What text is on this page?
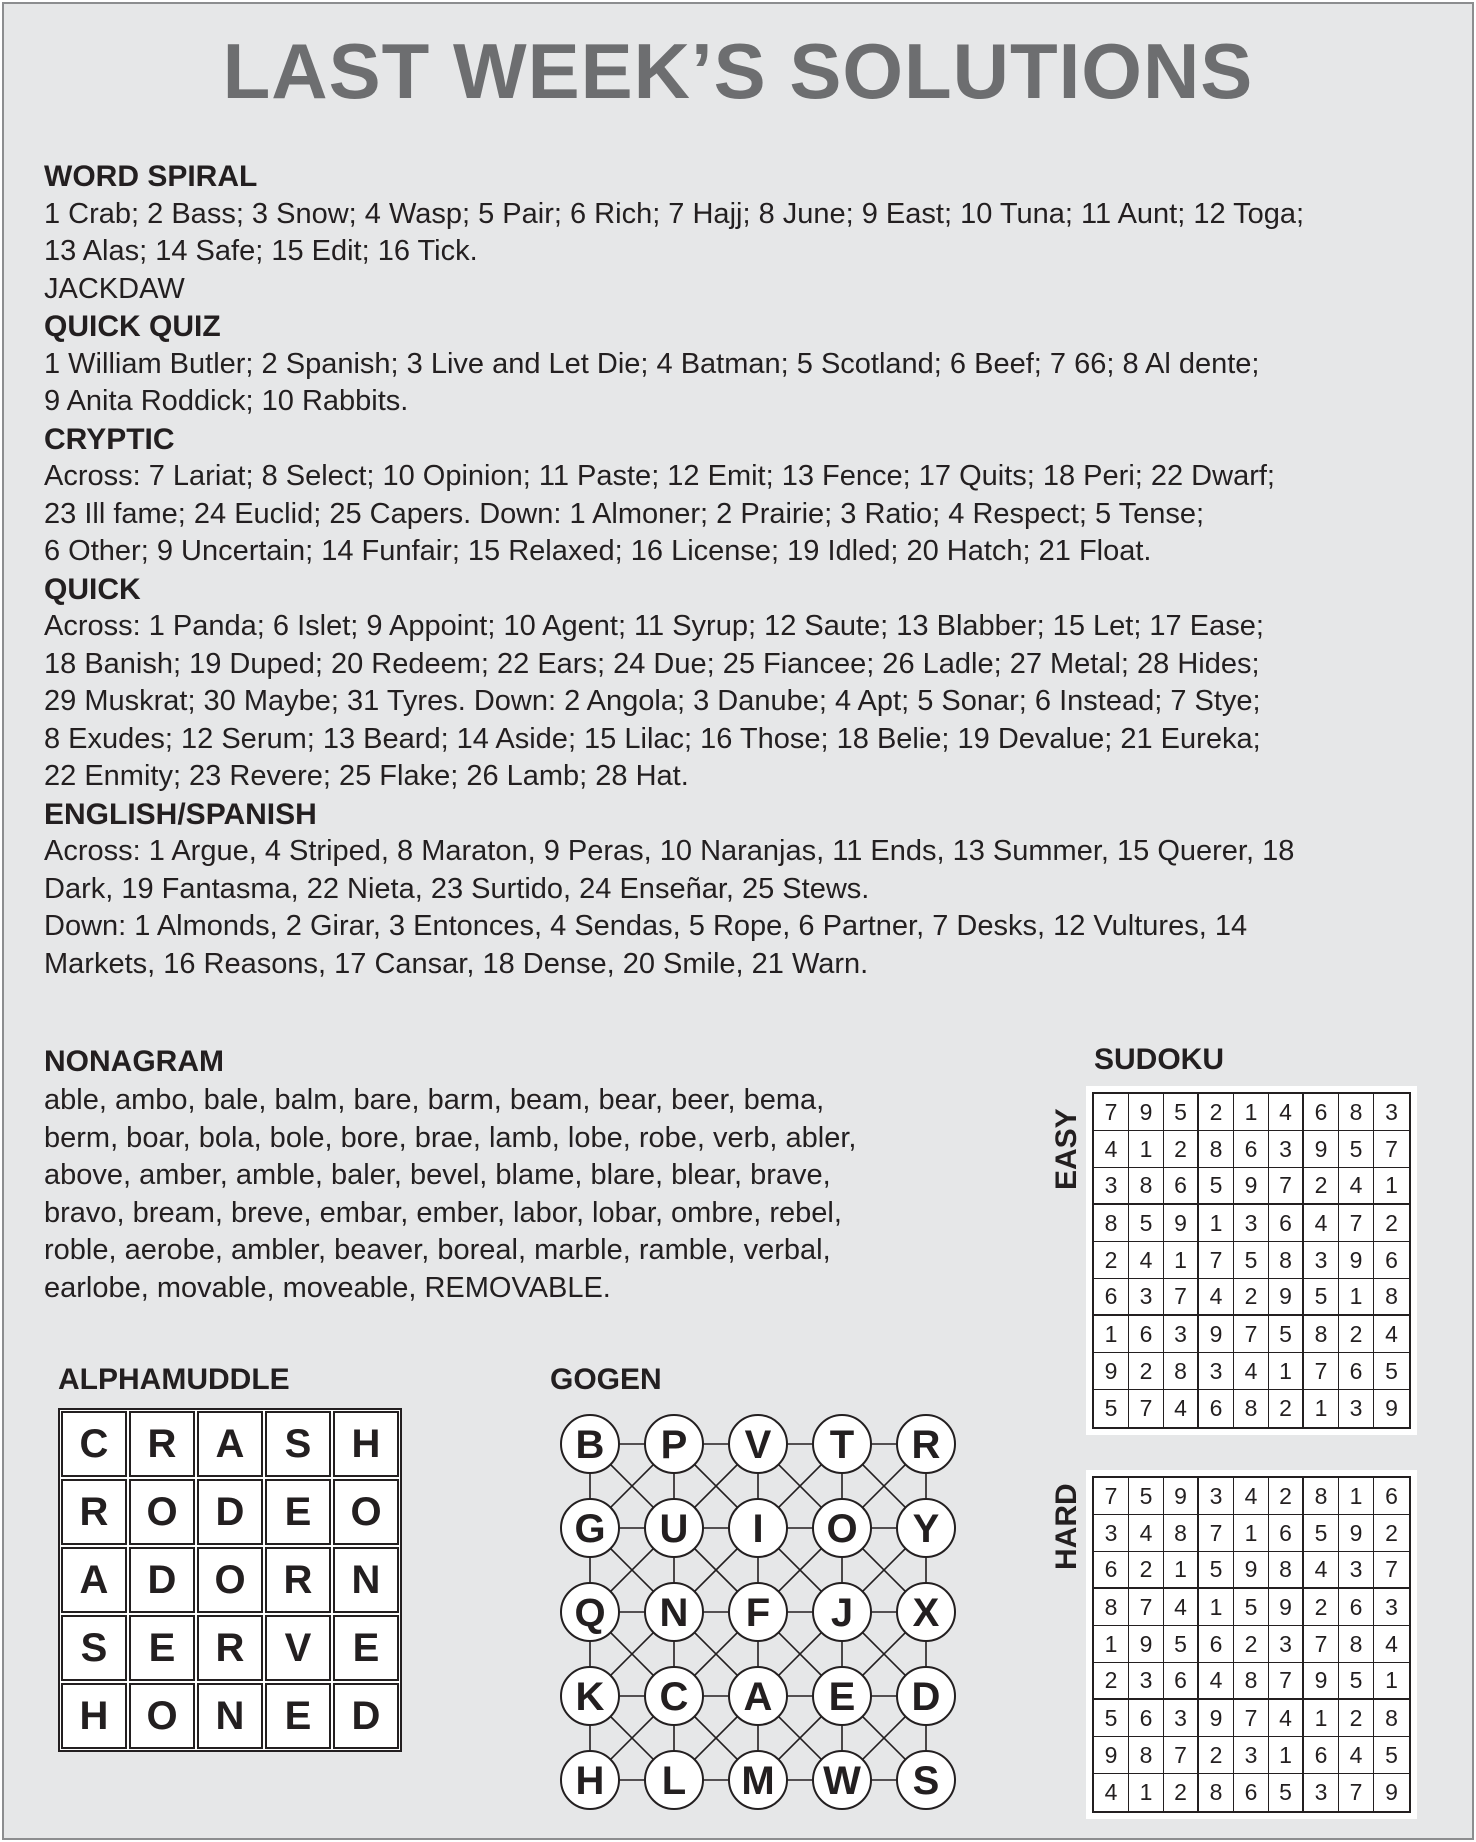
LAST WEEK’S SOLUTIONS
WORD SPIRAL
1 Crab; 2 Bass; 3 Snow; 4 Wasp; 5 Pair; 6 Rich; 7 Hajj; 8 June; 9 East; 10 Tuna; 11 Aunt; 12 Toga;
13 Alas; 14 Safe; 15 Edit; 16 Tick.
JACKDAW
QUICK QUIZ
1 William Butler; 2 Spanish; 3 Live and Let Die; 4 Batman; 5 Scotland; 6 Beef; 7 66; 8 Al dente;
9 Anita Roddick; 10 Rabbits.
CRYPTIC
Across: 7 Lariat; 8 Select; 10 Opinion; 11 Paste; 12 Emit; 13 Fence; 17 Quits; 18 Peri; 22 Dwarf;
23 Ill fame; 24 Euclid; 25 Capers. Down: 1 Almoner; 2 Prairie; 3 Ratio; 4 Respect; 5 Tense;
6 Other; 9 Uncertain; 14 Funfair; 15 Relaxed; 16 License; 19 Idled; 20 Hatch; 21 Float.
QUICK
Across: 1 Panda; 6 Islet; 9 Appoint; 10 Agent; 11 Syrup; 12 Saute; 13 Blabber; 15 Let; 17 Ease;
18 Banish; 19 Duped; 20 Redeem; 22 Ears; 24 Due; 25 Fiancee; 26 Ladle; 27 Metal; 28 Hides;
29 Muskrat; 30 Maybe; 31 Tyres. Down: 2 Angola; 3 Danube; 4 Apt; 5 Sonar; 6 Instead; 7 Stye;
8 Exudes; 12 Serum; 13 Beard; 14 Aside; 15 Lilac; 16 Those; 18 Belie; 19 Devalue; 21 Eureka;
22 Enmity; 23 Revere; 25 Flake; 26 Lamb; 28 Hat.
ENGLISH/SPANISH
Across: 1 Argue, 4 Striped, 8 Maraton, 9 Peras, 10 Naranjas, 11 Ends, 13 Summer, 15 Querer, 18
Dark, 19 Fantasma, 22 Nieta, 23 Surtido, 24 Enseñar, 25 Stews.
Down: 1 Almonds, 2 Girar, 3 Entonces, 4 Sendas, 5 Rope, 6 Partner, 7 Desks, 12 Vultures, 14
Markets, 16 Reasons, 17 Cansar, 18 Dense, 20 Smile, 21 Warn.
NONAGRAM
able, ambo, bale, balm, bare, barm, beam, bear, beer, bema,
berm, boar, bola, bole, bore, brae, lamb, lobe, robe, verb, abler,
above, amber, amble, baler, bevel, blame, blare, blear, brave,
bravo, bream, breve, embar, ember, labor, lobar, ombre, rebel,
roble, aerobe, ambler, beaver, boreal, marble, ramble, verbal,
earlobe, movable, moveable, REMOVABLE.
ALPHAMUDDLE
C R A	S	H
R O D	E O
A D O R N
S	E	R	V	E
H O N	E	D
GOGEN
B P V T R
G U I O Y
Q N F J X
K C A E D
H L M W S
SUDOKU
EASY 7 9 5 2 1 4 6 8 3
4 1 2 8 6 3 9 5 7
3 8 6 5 9 7 2 4 1
8 5 9 1 3 6 4 7 2
2 4 1 7 5 8 3 9 6
6 3 7 4 2 9 5 1 8
1 6 3 9 7 5 8 2 4
9 2 8 3 4 1 7 6 5
5 7 4 6 8 2 1 3 9
HARD 7 5 9 3 4 2 8 1 6
3 4 8 7 1 6 5 9 2
6 2 1 5 9 8 4 3 7
8 7 4 1 5 9 2 6 3
1 9 5 6 2 3 7 8 4
2 3 6 4 8 7 9 5 1
5 6 3 9 7 4 1 2 8
9 8 7 2 3 1 6 4 5
4 1 2 8 6 5 3 7 9
